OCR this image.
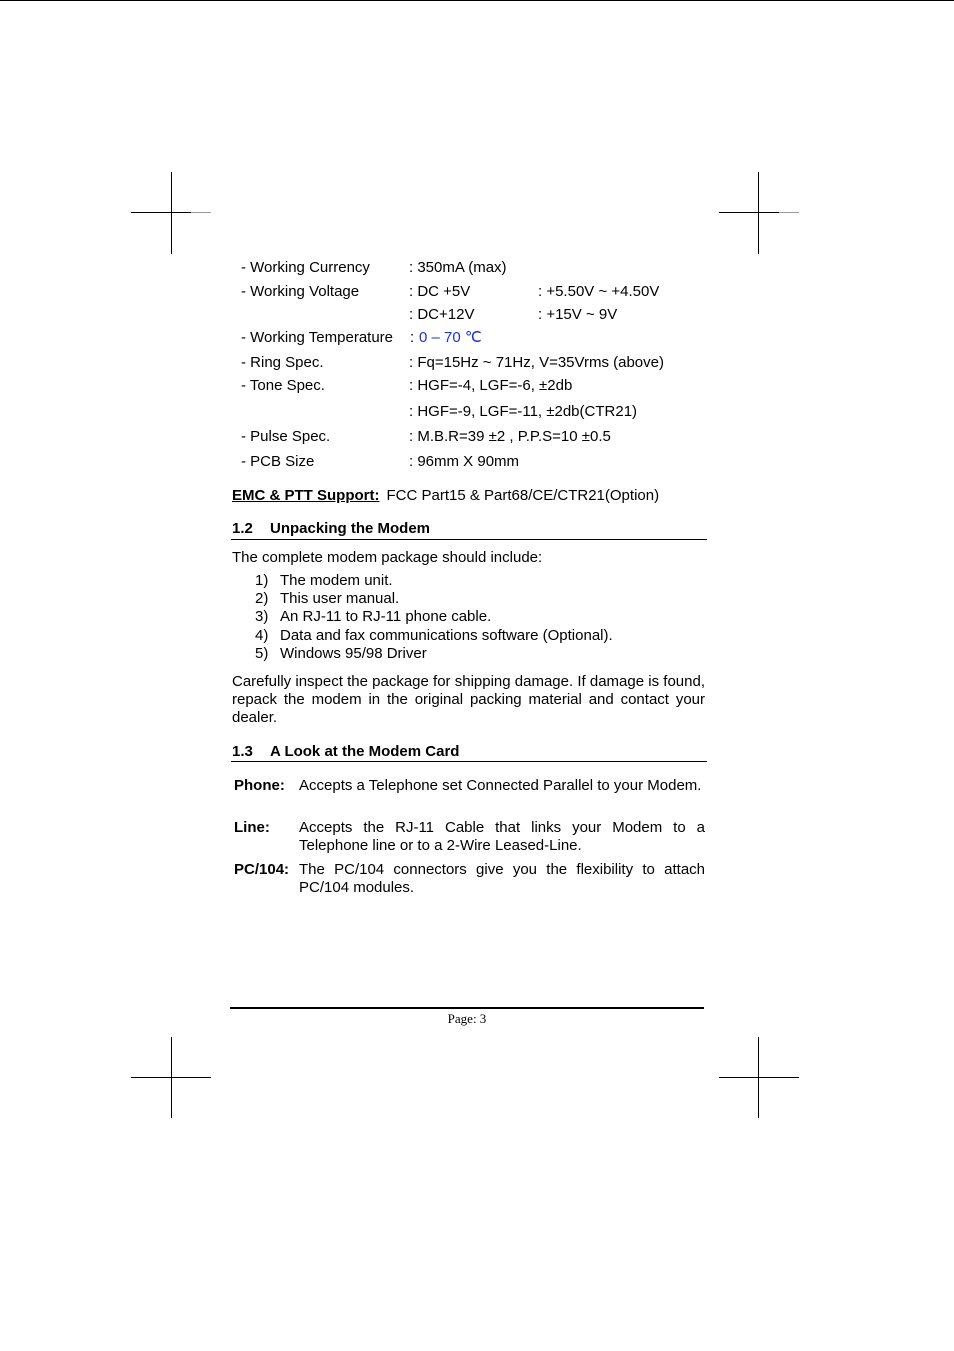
- Working Currency	: 350mA (max)
- Working Voltage	: DC +5V	: +5.50V ~ +4.50V
: DC+12V	: +15V ~ 9V
- Working Temperature : 0 – 70 ℃
- Ring Spec.	: Fq=15Hz ~ 71Hz, V=35Vrms (above)
- Tone Spec.	: HGF=-4, LGF=-6, ±2db
: HGF=-9, LGF=-11, ±2db(CTR21)
- Pulse Spec.	: M.B.R=39 ±2 , P.P.S=10 ±0.5
- PCB Size	: 96mm X 90mm
EMC & PTT Support: FCC Part15 & Part68/CE/CTR21(Option)
1.2 Unpacking the Modem
The complete modem package should include:
1) The modem unit.
2) This user manual.
3) An RJ-11 to RJ-11 phone cable.
4) Data and fax communications software (Optional).
5) Windows 95/98 Driver
Carefully inspect the package for shipping damage. If damage is found, repack the modem in the original packing material and contact your dealer.
1.3 A Look at the Modem Card
Phone: Accepts a Telephone set Connected Parallel to your Modem.
Line: Accepts the RJ-11 Cable that links your Modem to a Telephone line or to a 2-Wire Leased-Line.
PC/104: The PC/104 connectors give you the flexibility to attach PC/104 modules.
Page: 3
